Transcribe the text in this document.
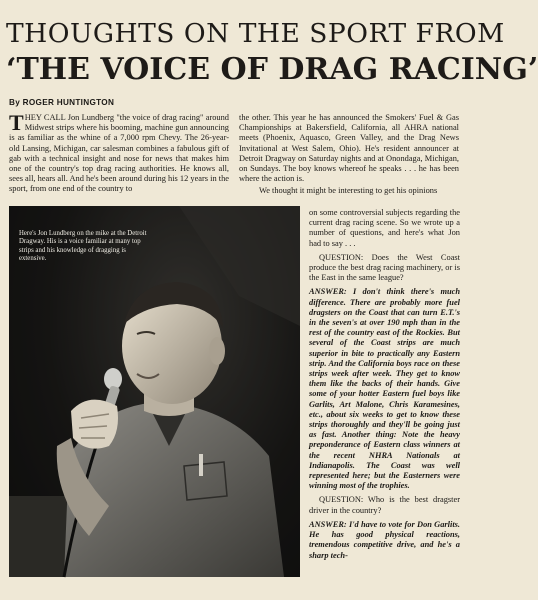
THOUGHTS ON THE SPORT FROM
‘THE VOICE OF DRAG RACING’
By ROGER HUNTINGTON

THEY CALL Jon Lundberg "the voice of drag racing" around Midwest strips where his booming, machine gun announcing is as familiar as the whine of a 7,000 rpm Chevy. The 26-year-old Lansing, Michigan, car salesman combines a fabulous gift of gab with a technical insight and nose for news that makes him one of the country's top drag racing authorities. He knows all, sees all, hears all. And he's been around during his 12 years in the sport, from one end of the country to

the other. This year he has announced the Smokers' Fuel & Gas Championships at Bakersfield, California, all AHRA national meets (Phoenix, Aquasco, Green Valley, and the Drag News Invitational at West Salem, Ohio). He's resident announcer at Detroit Dragway on Saturday nights and at Onondaga, Michigan, on Sundays. The boy knows whereof he speaks . . . he has been where the action is.

We thought it might be interesting to get his opinions

Here's Jon Lundberg on the mike at the Detroit Dragway. His is a voice familiar at many top strips and his knowledge of dragging is extensive.

on some controversial subjects regarding the current drag racing scene. So we wrote up a number of questions, and here's what Jon had to say . . .

QUESTION: Does the West Coast produce the best drag racing machinery, or is the East in the same league?

ANSWER: I don't think there's much difference. There are probably more fuel dragsters on the Coast that can turn E.T.'s in the seven's at over 190 mph than in the rest of the country east of the Rockies. But several of the Coast strips are much superior in bite to practically any Eastern strip. And the California boys race on these strips week after week. They get to know them like the backs of their hands. Give some of your hotter Eastern fuel boys like Garlits, Art Malone, Chris Karamesines, etc., about six weeks to get to know these strips thoroughly and they'll be going just as fast. Another thing: Note the heavy preponderance of Eastern class winners at the recent NHRA Nationals at Indianapolis. The Coast was well represented here; but the Easterners were winning most of the trophies.

QUESTION: Who is the best dragster driver in the country?

ANSWER: I'd have to vote for Don Garlits. He has good physical reactions, tremendous competitive drive, and he's a sharp tech-
